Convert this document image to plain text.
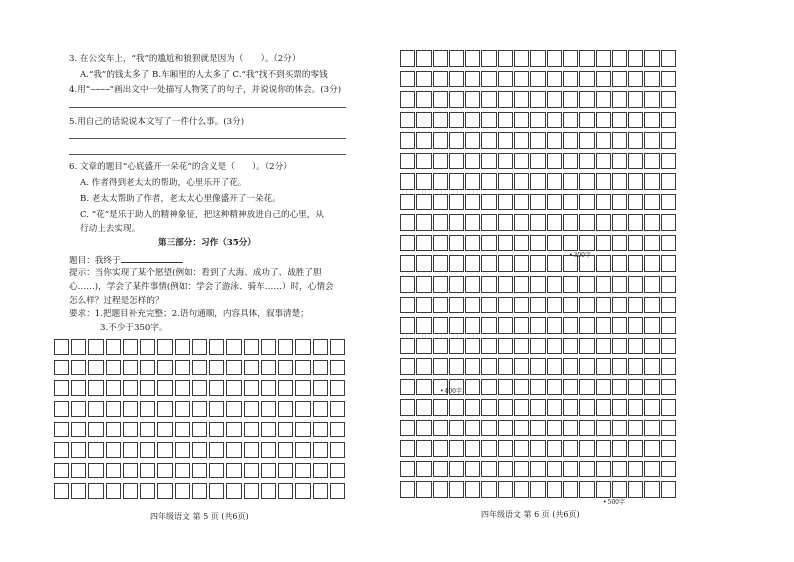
3. 在公交车上，“我”的尴尬和狼狈就是因为（　　）。（2分）
A.“我”的钱太多了 B.车厢里的人太多了 C.“我”找不到买票的零钱
4.用“~~~~”画出文中一处描写人物笑了的句子，并说说你的体会。(3分)
5.用自己的话说说本文写了一件什么事。(3分)
6. 文章的题目“心底盛开一朵花”的含义是（　　）。（2分）
A. 作者得到老太太的帮助，心里乐开了花。
B. 老太太帮助了作者，老太太心里像盛开了一朵花。
C. “花”是乐于助人的精神象征，把这种精神放进自己的心里，从
行动上去实现。
第三部分：习作（35分）
题目：我终于
提示：当你实现了某个愿望(例如：看到了大海、成功了、战胜了胆
心……)，学会了某件事情(例如：学会了游泳、骑车……）时，心情会
怎么样？过程是怎样的？
要求：1.把题目补充完整；2.语句通顺，内容具体，叙事清楚；
3.不少于350字。
四年级语文 第 5 页 (共6页)
• 300字
• 400字
• 500字
四年级语文 第 6 页 (共6页)
